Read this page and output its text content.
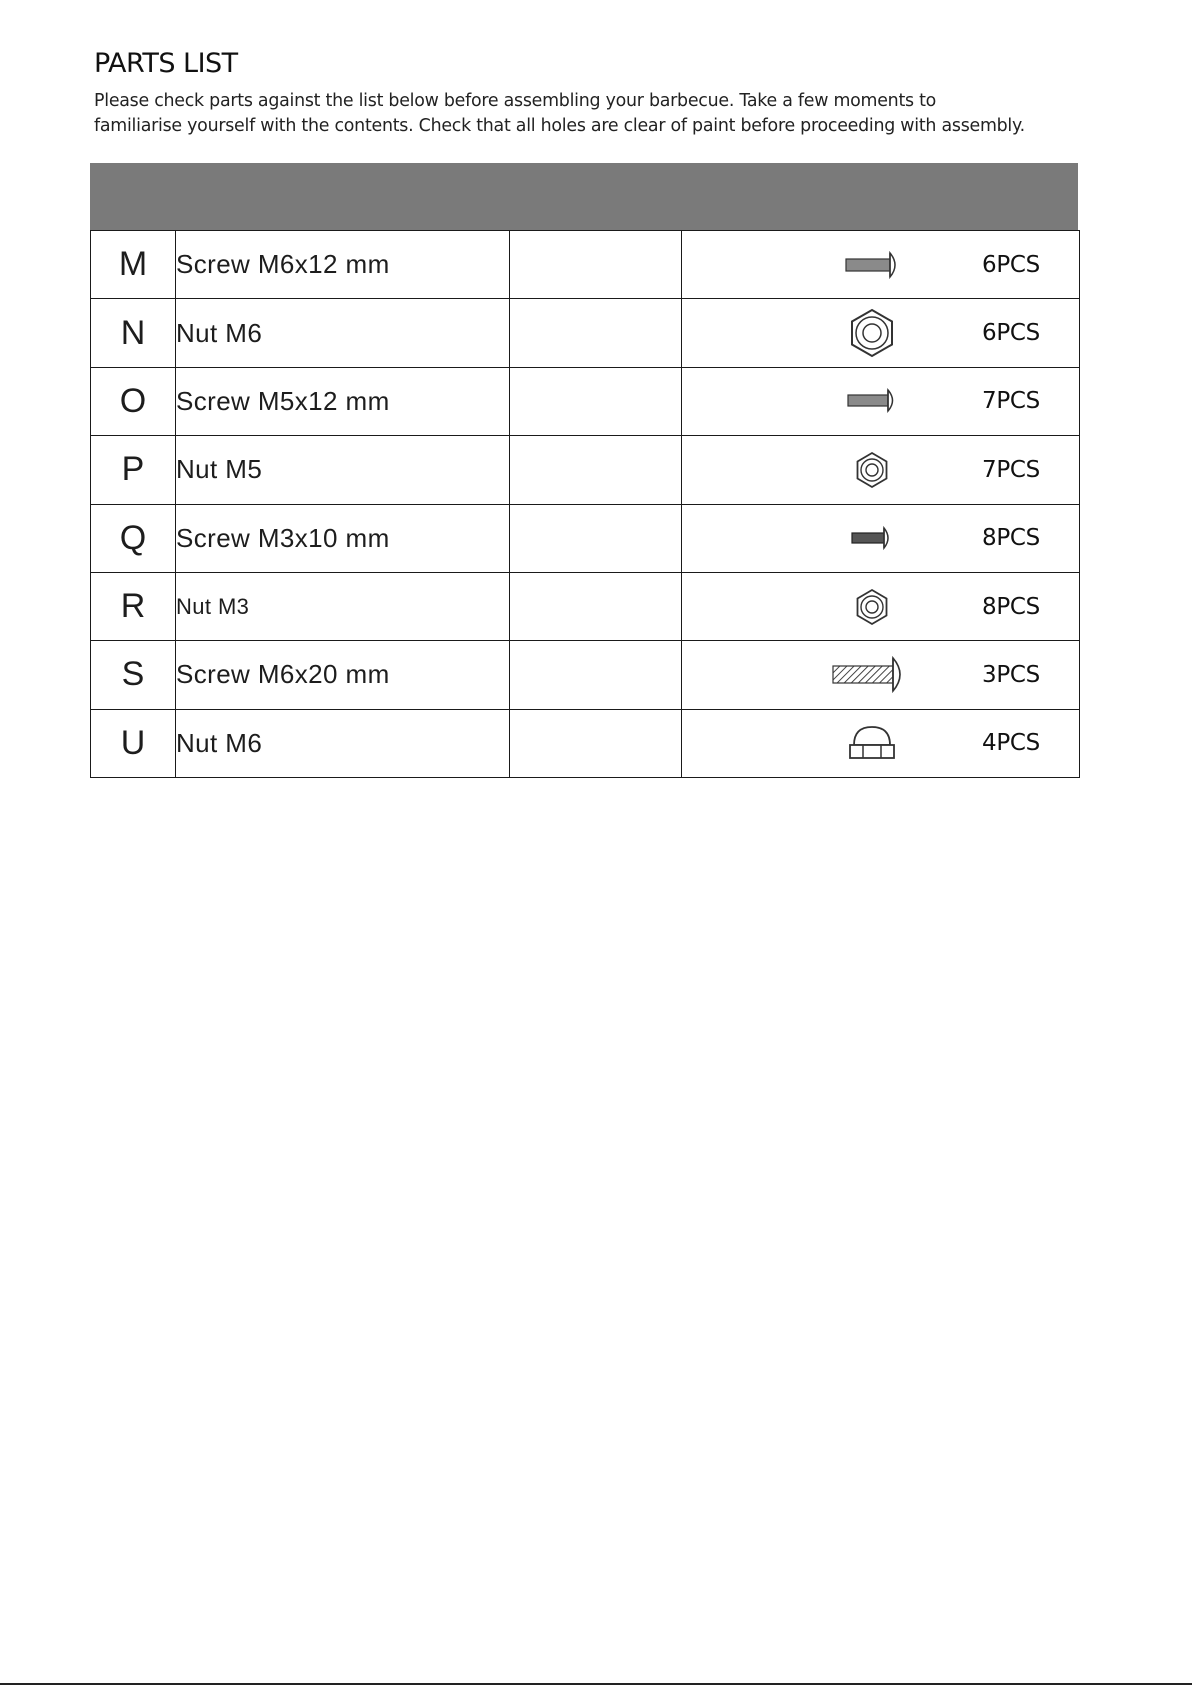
PARTS LIST

Please check parts against the list below before assembling your barbecue. Take a few moments to
familiarise yourself with the contents. Check that all holes are clear of paint before proceeding with assembly.

M	Screw M6x12 mm		6PCS

N	Nut M6		6PCS

O	Screw M5x12 mm		7PCS

P	Nut M5		7PCS

Q	Screw M3x10 mm		8PCS

R	Nut M3		8PCS

S	Screw M6x20 mm		3PCS

U	Nut M6		4PCS
